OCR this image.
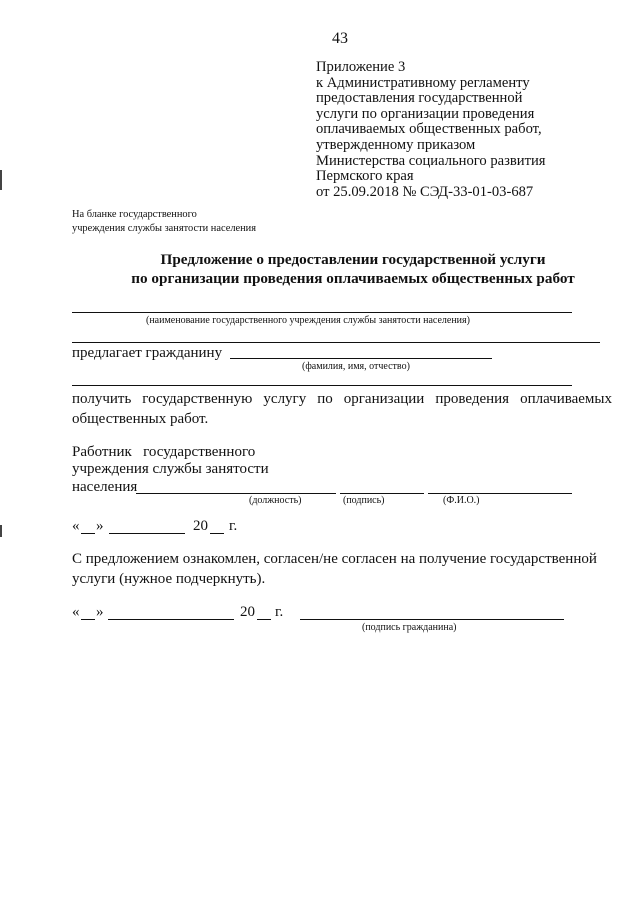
43
Приложение 3
к Административному регламенту
предоставления государственной
услуги по организации проведения
оплачиваемых общественных работ,
утвержденному приказом
Министерства социального развития
Пермского края
от 25.09.2018 № СЭД-33-01-03-687
На бланке государственного
учреждения службы занятости населения
Предложение о предоставлении государственной услуги
по организации проведения оплачиваемых общественных работ
(наименование государственного учреждения службы занятости населения)
предлагает гражданину
(фамилия, имя, отчество)
получить государственную услугу по организации проведения оплачиваемых общественных работ.
Работник   государственного
учреждения службы занятости
населения
(должность)	(подпись)	(Ф.И.О.)
« »	20 г.
С предложением ознакомлен, согласен/не согласен на получение государственной услуги (нужное подчеркнуть).
« »	20 г.
(подпись гражданина)
